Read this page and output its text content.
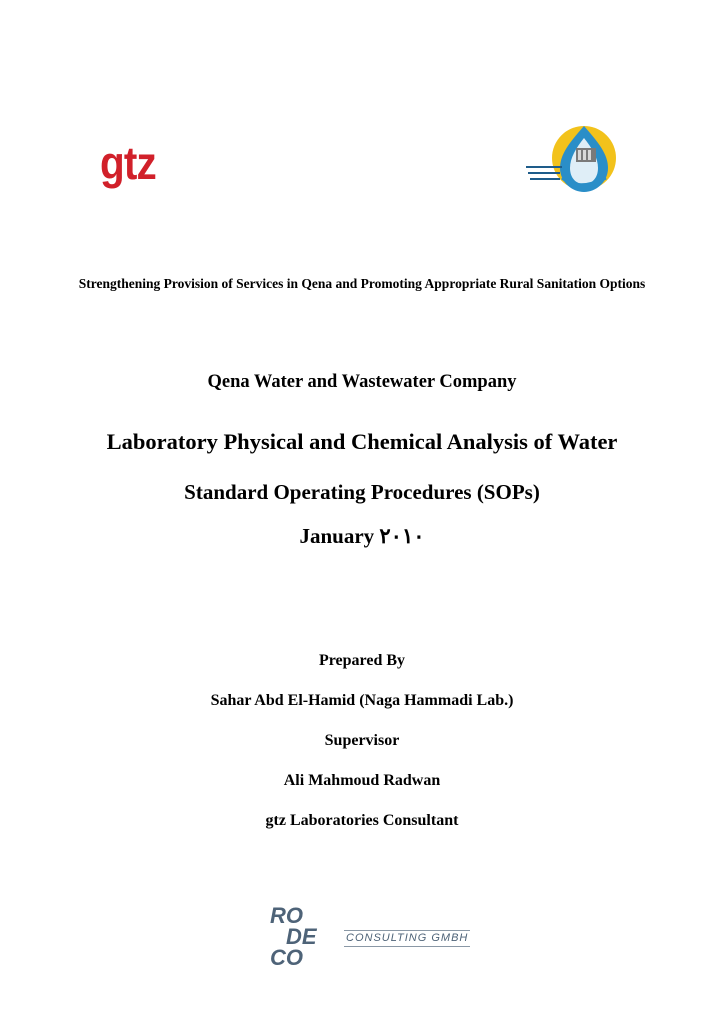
gtz
Strengthening Provision of Services in Qena and Promoting Appropriate Rural Sanitation Options
Qena Water and Wastewater Company
Laboratory Physical and Chemical Analysis of Water
Standard Operating Procedures (SOPs)
January ٢٠١٠
Prepared By
Sahar Abd El-Hamid (Naga Hammadi Lab.)
Supervisor
Ali Mahmoud Radwan
gtz Laboratories Consultant
RO
DE
CO
CONSULTING GMBH
